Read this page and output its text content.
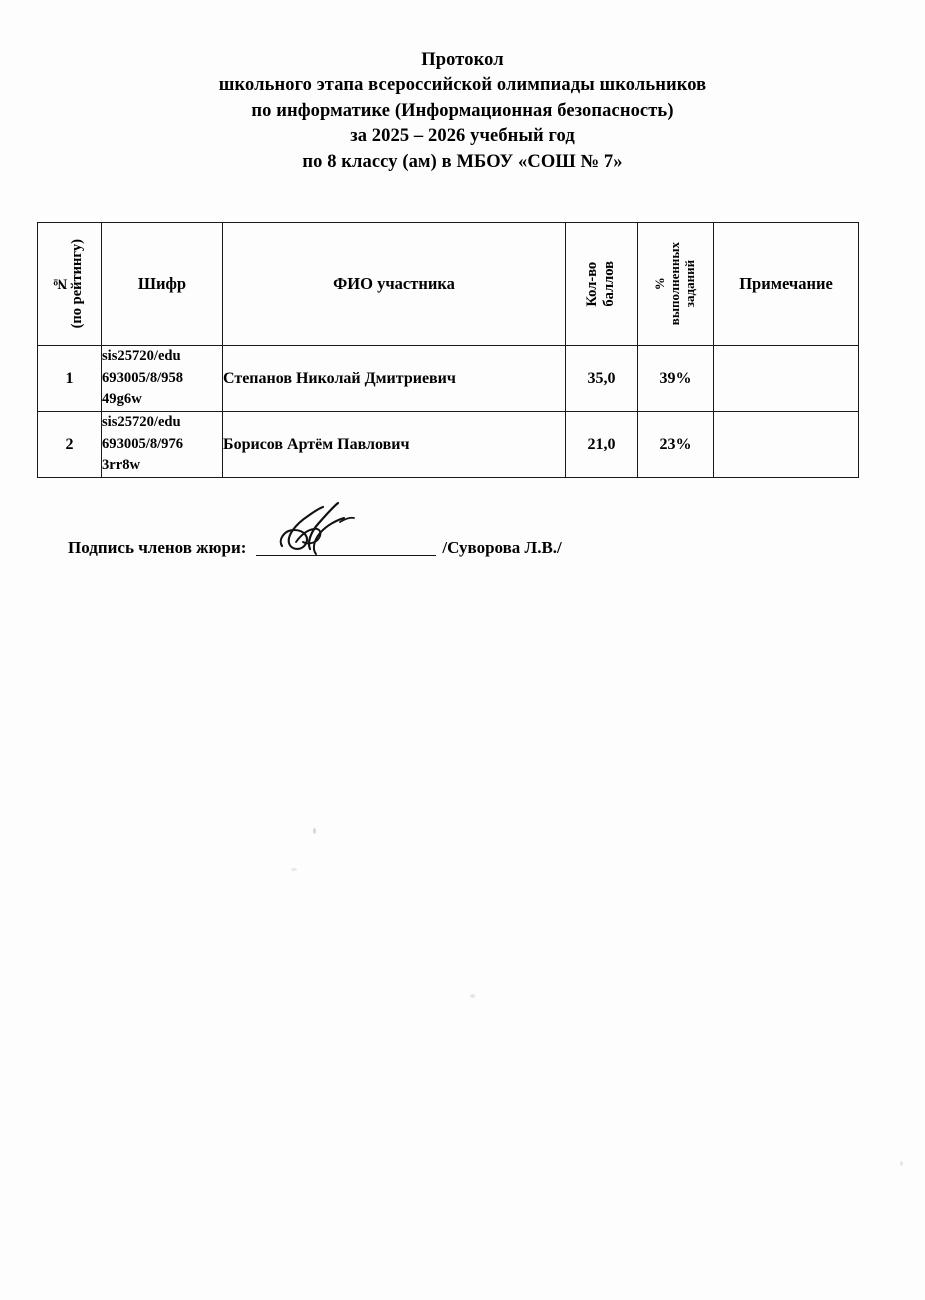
Протокол
школьного этапа всероссийской олимпиады школьников
по информатике (Информационная безопасность)
за 2025 – 2026 учебный год
по 8 классу (ам) в МБОУ «СОШ № 7»
№ (по рейтингу)	Шифр	ФИО участника	Кол-во баллов	% выполненных заданий	Примечание

1	sis25720/edu
693005/8/958
49g6w	Степанов Николай Дмитриевич	35,0	39%	
2	sis25720/edu
693005/8/976
3rr8w	Борисов Артём Павлович	21,0	23%	
Подпись членов жюри:	/Суворова Л.В./
